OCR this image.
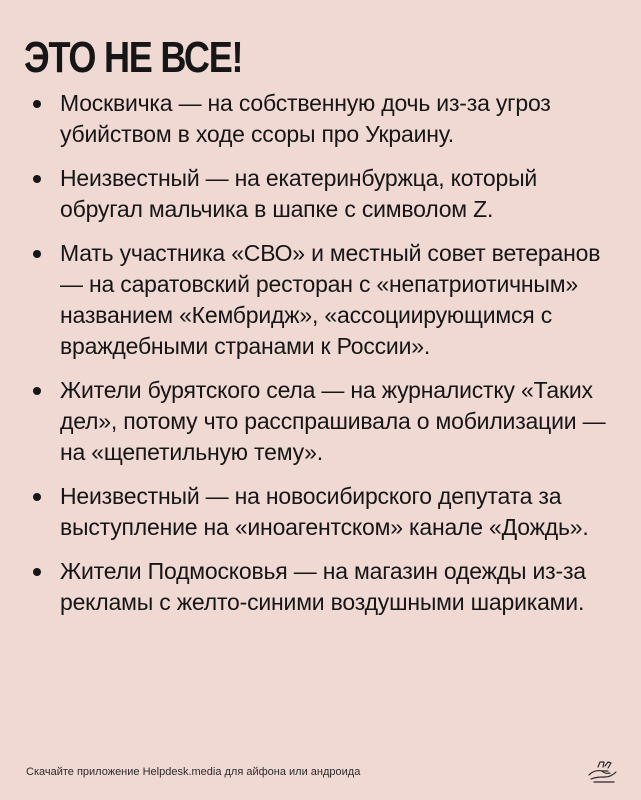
ЭТО НЕ ВСЕ!
Москвичка — на собственную дочь из-за угроз убийством в ходе ссоры про Украину.
Неизвестный — на екатеринбуржца, который обругал мальчика в шапке с символом Z.
Мать участника «СВО» и местный совет ветеранов — на саратовский ресторан с «непатриотичным» названием «Кембридж», «ассоциирующимся с враждебными странами к России».
Жители бурятского села — на журналистку «Таких дел», потому что расспрашивала о мобилизации — на «щепетильную тему».
Неизвестный — на новосибирского депутата за выступление на «иноагентском» канале «Дождь».
Жители Подмосковья — на магазин одежды из-за рекламы с желто-синими воздушными шариками.
Скачайте приложение Helpdesk.media для айфона или андроида
